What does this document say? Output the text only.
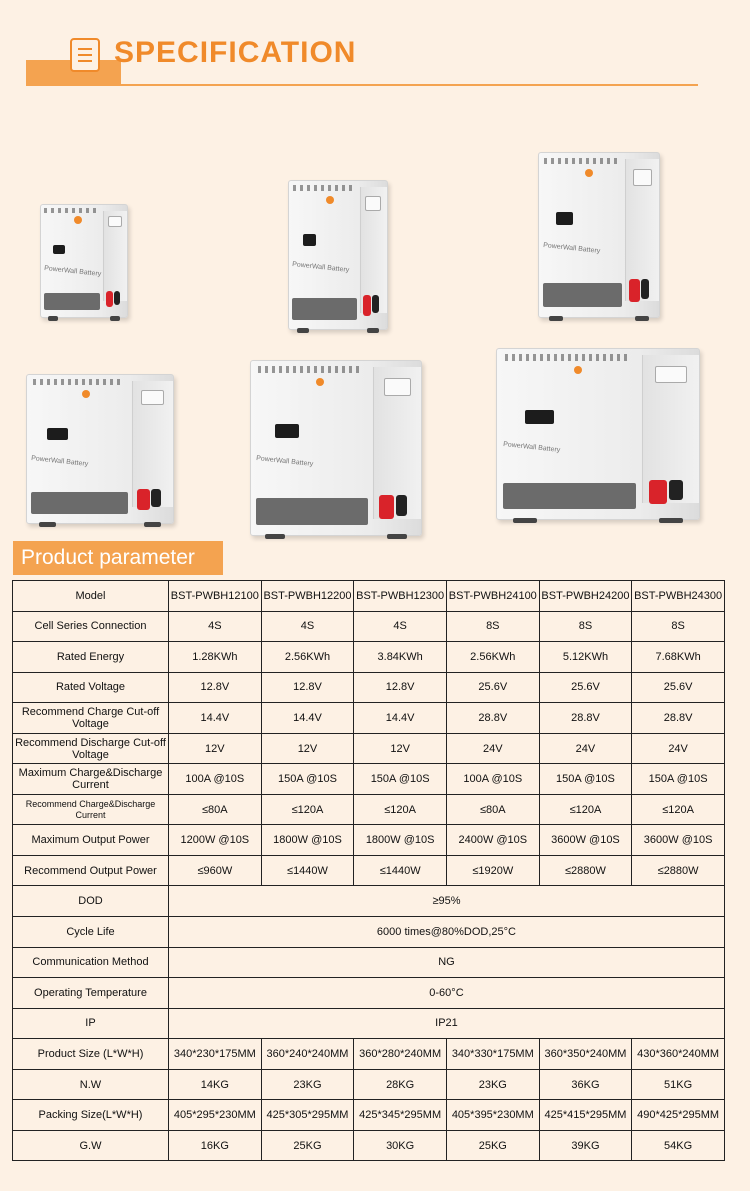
SPECIFICATION
PowerWall Battery	PowerWall Battery
PowerWall Battery
PowerWall Battery	PowerWall Battery
PowerWall Battery
Product parameter
Model	BST-PWBH12100	BST-PWBH12200	BST-PWBH12300	BST-PWBH24100	BST-PWBH24200	BST-PWBH24300
Cell Series Connection	4S	4S	4S	8S	8S	8S
Rated Energy	1.28KWh	2.56KWh	3.84KWh	2.56KWh	5.12KWh	7.68KWh
Rated Voltage	12.8V	12.8V	12.8V	25.6V	25.6V	25.6V
Recommend Charge Cut-off Voltage	14.4V	14.4V	14.4V	28.8V	28.8V	28.8V
Recommend Discharge Cut-off Voltage	12V	12V	12V	24V	24V	24V
Maximum Charge&Discharge Current	100A @10S	150A @10S	150A @10S	100A @10S	150A @10S	150A @10S
Recommend Charge&Discharge Current	≤80A	≤120A	≤120A	≤80A	≤120A	≤120A
Maximum Output Power	1200W @10S	1800W @10S	1800W @10S	2400W @10S	3600W @10S	3600W @10S
Recommend Output Power	≤960W	≤1440W	≤1440W	≤1920W	≤2880W	≤2880W
DOD	≥95%					
Cycle Life	6000 times@80%DOD,25°C					
Communication Method	NG					
Operating Temperature	0-60°C					
IP	IP21					
Product Size (L*W*H)	340*230*175MM	360*240*240MM	360*280*240MM	340*330*175MM	360*350*240MM	430*360*240MM
N.W	14KG	23KG	28KG	23KG	36KG	51KG
Packing Size(L*W*H)	405*295*230MM	425*305*295MM	425*345*295MM	405*395*230MM	425*415*295MM	490*425*295MM
G.W	16KG	25KG	30KG	25KG	39KG	54KG
